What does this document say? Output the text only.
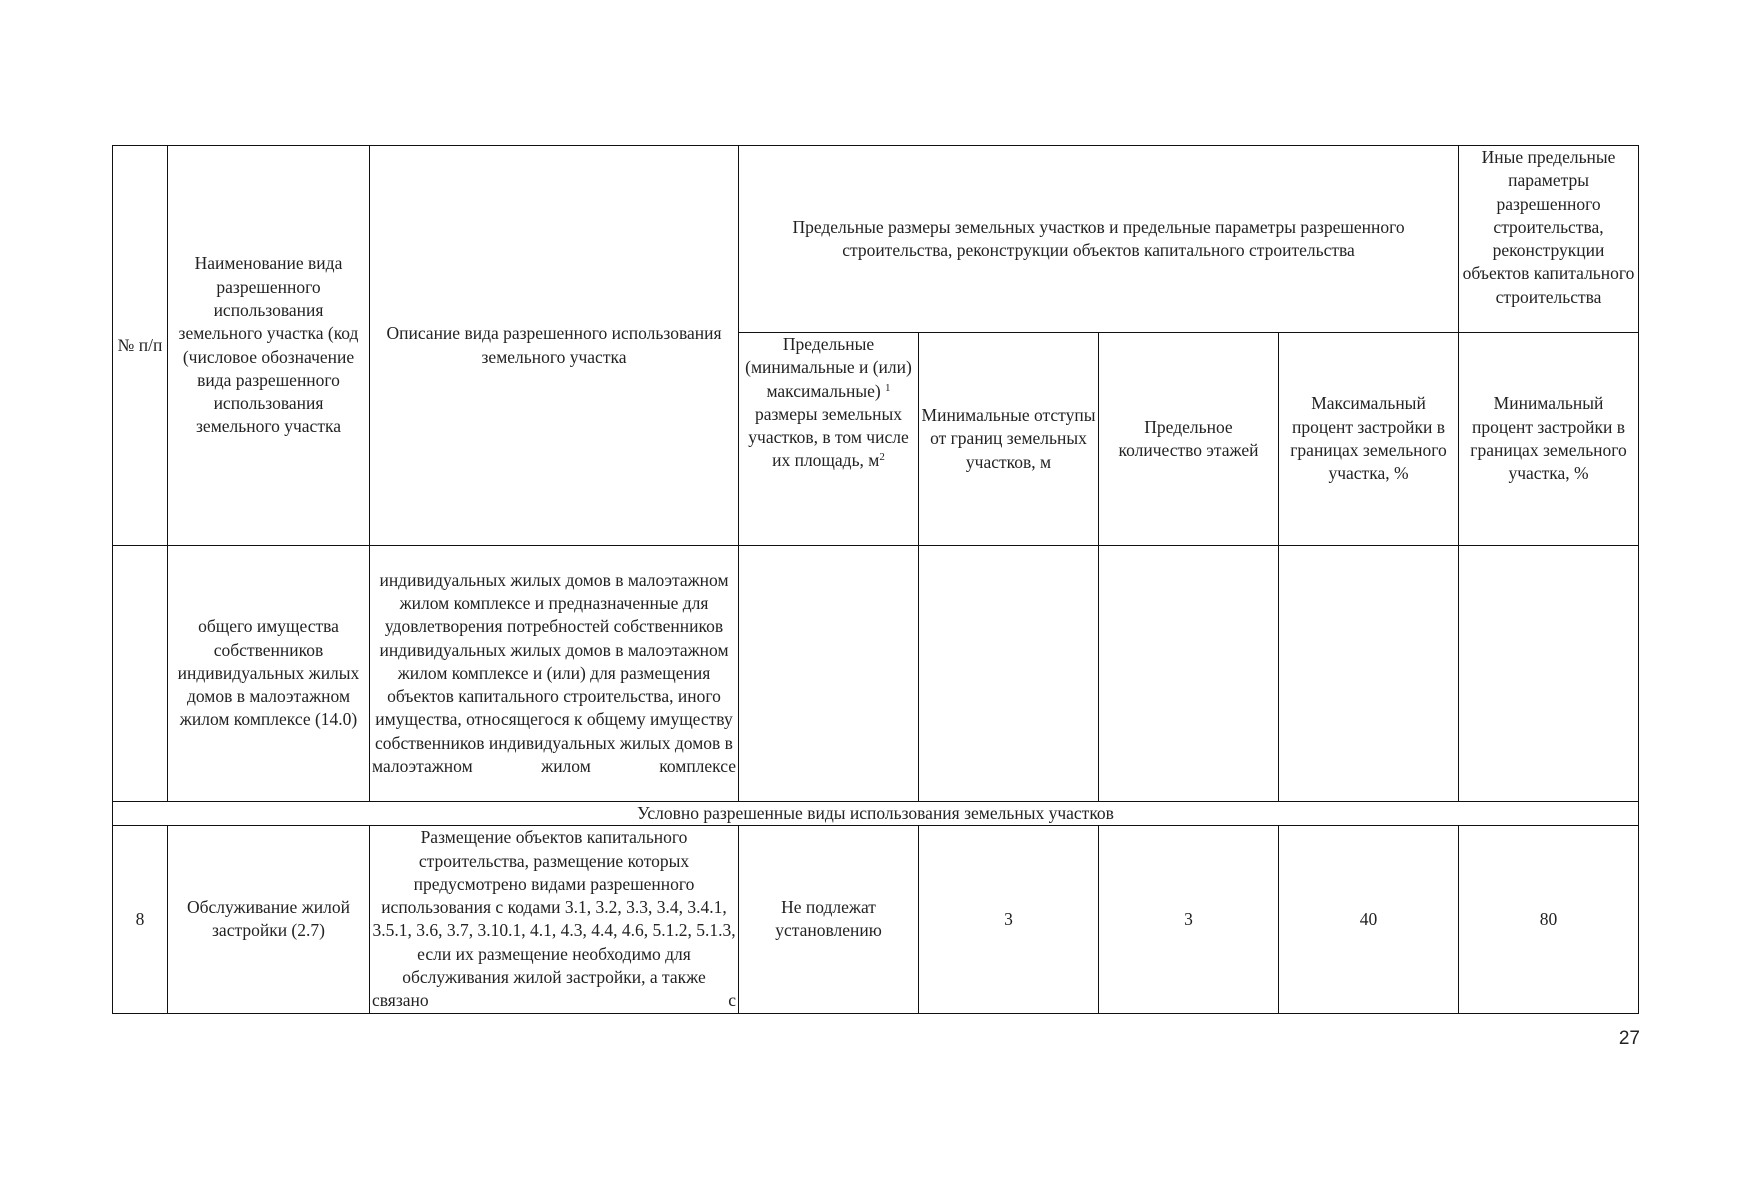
№ п/п	Наименование вида разрешенного использования земельного участка (код (числовое обозначение вида разрешенного использования земельного участка	Описание вида разрешенного использования земельного участка	Предельные размеры земельных участков и предельные параметры разрешенного строительства, реконструкции объектов капитального строительства				Иные предельные параметры разрешенного строительства, реконструкции объектов капитального строительства
			Предельные (минимальные и (или) максимальные) $^1$ размеры земельных участков, в том числе их площадь, $м^2$	Минимальные отступы от границ земельных участков, м	Предельное количество этажей	Максимальный процент застройки в границах земельного участка, %	Минимальный процент застройки в границах земельного участка, %
	общего имущества собственников индивидуальных жилых домов в малоэтажном жилом комплексе (14.0)	индивидуальных жилых домов в малоэтажном жилом комплексе и предназначенные для удовлетворения потребностей собственников индивидуальных жилых домов в малоэтажном жилом комплексе и (или) для размещения объектов капитального строительства, иного имущества, относящегося к общему имуществу собственников индивидуальных жилых домов в малоэтажном жилом комплексе					
Условно разрешенные виды использования земельных участков							
8	Обслуживание жилой застройки (2.7)	Размещение объектов капитального строительства, размещение которых предусмотрено видами разрешенного использования с кодами 3.1, 3.2, 3.3, 3.4, 3.4.1, 3.5.1, 3.6, 3.7, 3.10.1, 4.1, 4.3, 4.4, 4.6, 5.1.2, 5.1.3, если их размещение необходимо для обслуживания жилой застройки, а также связано с	Не подлежат установлению	3	3	40	80
27
